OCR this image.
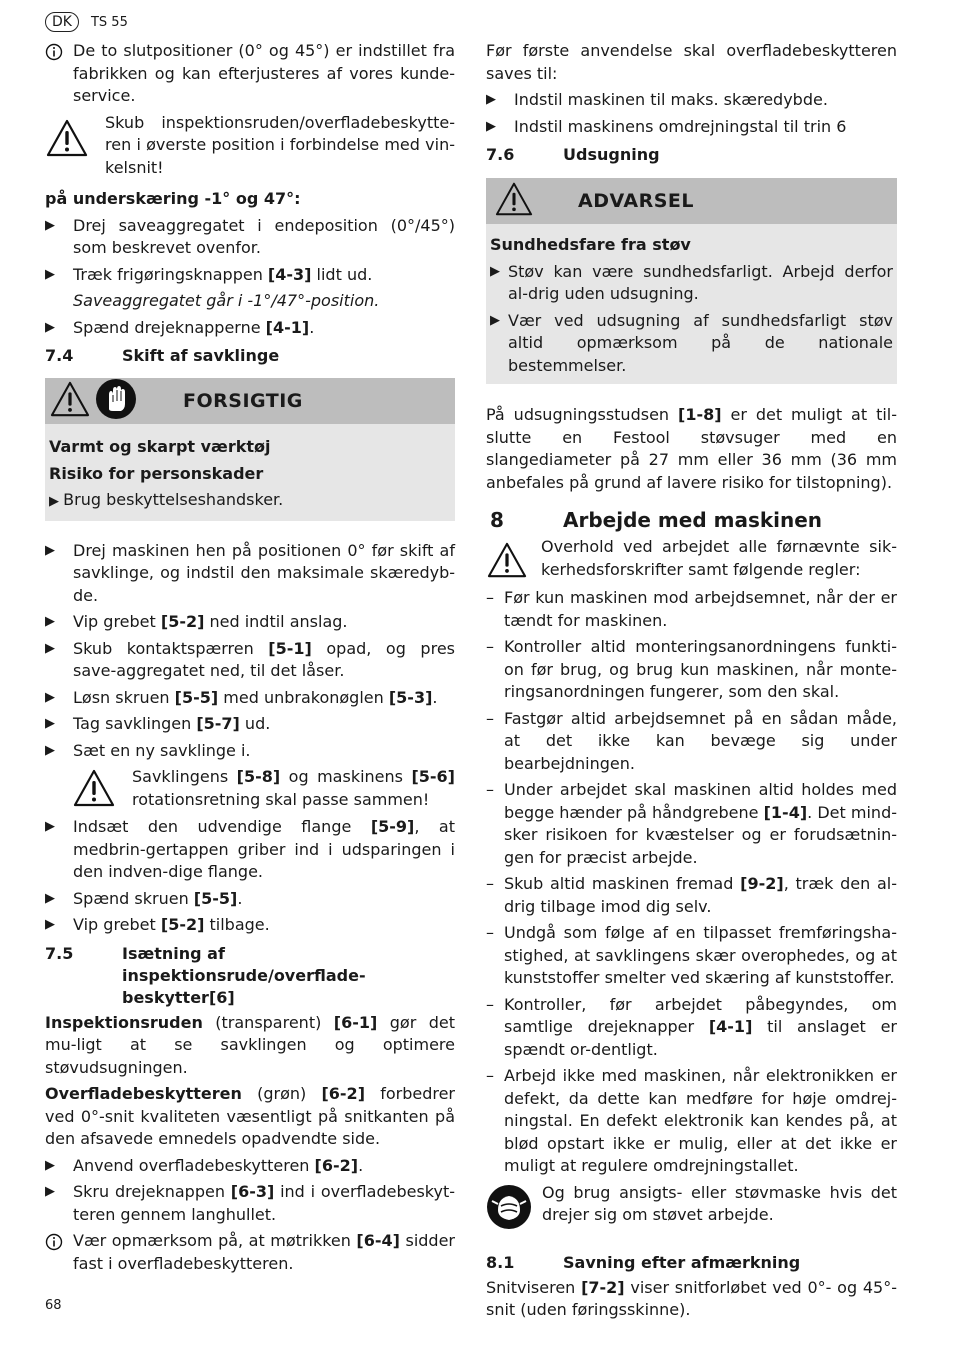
DK	TS 55

De to slutpositioner (0° og 45°) er indstillet fra fabrikken og kan efterjusteres af vores kunde-service.

Skub inspektionsruden/overfladebeskytte-ren i øverste position i forbindelse med vin-kelsnit!

på underskæring -1° og 47°:

▶	Drej saveaggregatet i endeposition (0°/45°) som beskrevet ovenfor.

▶	Træk frigøringsknappen [4-3] lidt ud.

Saveaggregatet går i -1°/47°-position.

▶	Spænd drejeknapperne [4-1].

7.4	Skift af savklinge
FORSIGTIG

Varmt og skarpt værktøj

Risiko for personskader

▶ Brug beskyttelseshandsker.

▶	Drej maskinen hen på positionen 0° før skift af savklinge, og indstil den maksimale skæredyb-de.

▶	Vip grebet [5-2] ned indtil anslag.

▶	Skub kontaktspærren [5-1] opad, og pres save-aggregatet ned, til det låser.

▶	Løsn skruen [5-5] med unbrakonøglen [5-3].

▶	Tag savklingen [5-7] ud.

▶	Sæt en ny savklinge i.

Savklingens [5-8] og maskinens [5-6] rotationsretning skal passe sammen!

▶	Indsæt den udvendige flange [5-9], at medbrin-gertappen griber ind i udsparingen i den indven-dige flange.

▶	Spænd skruen [5-5].

▶	Vip grebet [5-2] tilbage.

7.5	Isætning af inspektionsrude/overflade-beskytter[6]

Inspektionsruden (transparent) [6-1] gør det mu-ligt at se savklingen og optimere støvudsugningen.

Overfladebeskytteren (grøn) [6-2] forbedrer ved 0°-snit kvaliteten væsentligt på snitkanten på den afsavede emnedels opadvendte side.

▶	Anvend overfladebeskytteren [6-2].

▶	Skru drejeknappen [6-3] ind i overfladebeskyt-teren gennem langhullet.

Vær opmærksom på, at møtrikken [6-4] sidder fast i overfladebeskytteren.

Før første anvendelse skal overfladebeskytteren saves til:

▶	Indstil maskinen til maks. skæredybde.

▶	Indstil maskinens omdrejningstal til trin 6

7.6	Udsugning
ADVARSEL

Sundhedsfare fra støv

▶ Støv kan være sundhedsfarligt. Arbejd derfor al-drig uden udsugning.

▶ Vær ved udsugning af sundhedsfarligt støv altid opmærksom på de nationale bestemmelser.

På udsugningsstudsen [1-8] er det muligt at til-slutte en Festool støvsuger med en slangediameter på 27 mm eller 36 mm (36 mm anbefales på grund af lavere risiko for tilstopning).

8	Arbejde med maskinen

Overhold ved arbejdet alle førnævnte sik-kerhedsforskrifter samt følgende regler:

– Før kun maskinen mod arbejdsemnet, når der er tændt for maskinen.

– Kontroller altid monteringsanordningens funkti-on før brug, og brug kun maskinen, når monte-ringsanordningen fungerer, som den skal.

– Fastgør altid arbejdsemnet på en sådan måde, at det ikke kan bevæge sig under bearbejdningen.

– Under arbejdet skal maskinen altid holdes med begge hænder på håndgrebene [1-4]. Det mind-sker risikoen for kvæstelser og er forudsætnin-gen for præcist arbejde.

– Skub altid maskinen fremad [9-2], træk den al-drig tilbage imod dig selv.

– Undgå som følge af en tilpasset fremføringsha-stighed, at savklingens skær overophedes, og at kunststoffer smelter ved skæring af kunststoffer.

– Kontroller, før arbejdet påbegyndes, om samtlige drejeknapper [4-1] til anslaget er spændt or-dentligt.

– Arbejd ikke med maskinen, når elektronikken er defekt, da dette kan medføre for høje omdrej-ningstal. En defekt elektronik kan kendes på, at blød opstart ikke er mulig, eller at det ikke er muligt at regulere omdrejningstallet.

Og brug ansigts- eller støvmaske hvis det drejer sig om støvet arbejde.

8.1	Savning efter afmærkning

Snitviseren [7-2] viser snitforløbet ved 0°- og 45°-snit (uden føringsskinne).

68
